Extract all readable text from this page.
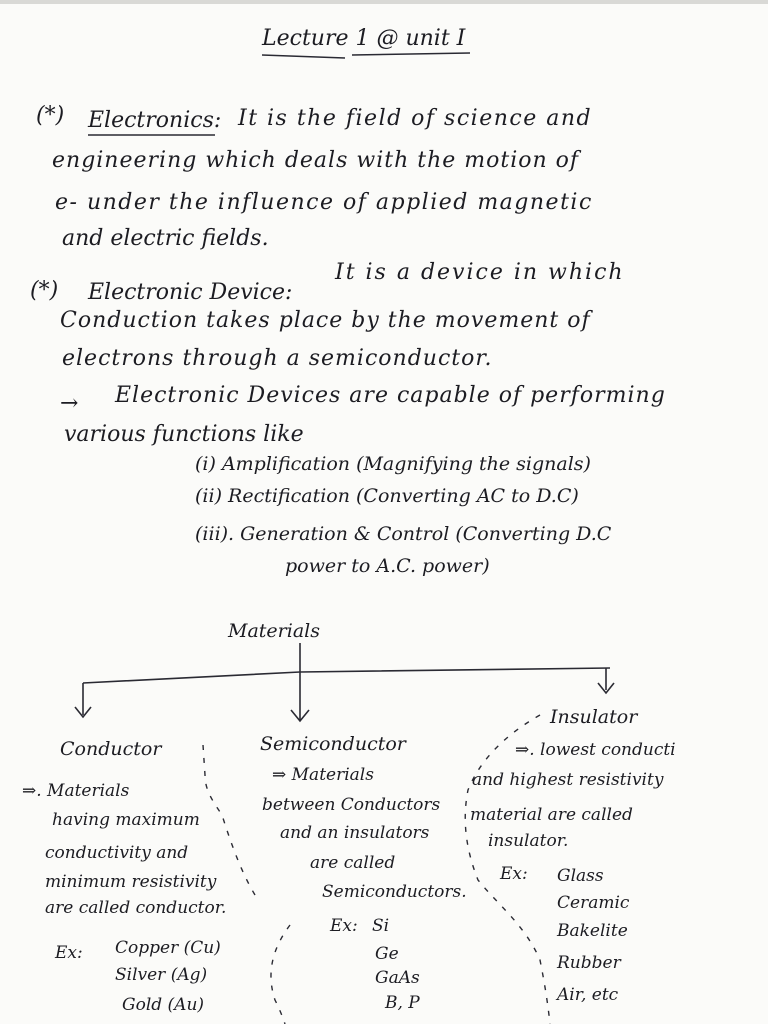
Lecture 1 @ unit I
(*) Electronics: It is the field of science and
engineering which deals with the motion of
e- under the influence of applied magnetic
and electric fields.
(*) Electronic Device:
It is a device in which
Conduction takes place by the movement of
electrons through a semiconductor.
→ Electronic Devices are capable of performing
various functions like
(i) Amplification (Magnifying the signals)
(ii) Rectification (Converting AC to D.C)
(iii). Generation & Control (Converting D.C
power to A.C. power)
Materials
Conductor
⇒. Materials
having maximum
conductivity and
minimum resistivity
are called conductor.
Ex: Copper (Cu)
Silver (Ag)
Gold (Au)
Semiconductor
⇒ Materials
between Conductors
and an insulators
are called
Semiconductors.
Ex: Si
Ge
GaAs
B, P
Insulator
⇒. lowest conducti
and highest resistivity
material are called
insulator.
Ex: Glass
Ceramic
Bakelite
Rubber
Air, etc
